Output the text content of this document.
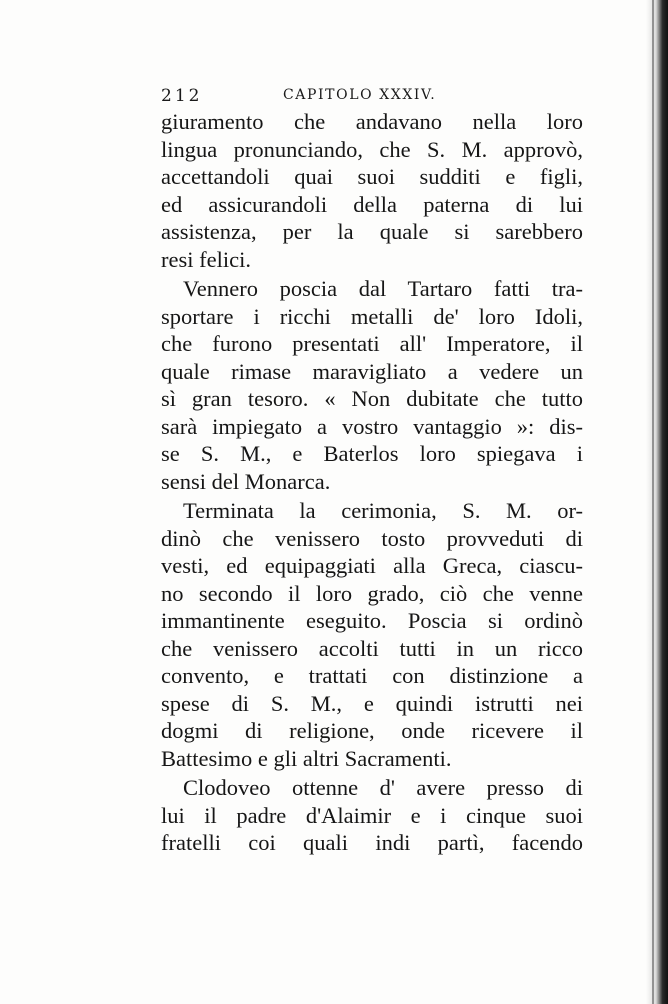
212	CAPITOLO XXXIV.
giuramento che andavano nella loro
lingua pronunciando, che S. M. approvò,
accettandoli quai suoi sudditi e figli,
ed assicurandoli della paterna di lui
assistenza, per la quale si sarebbero
resi felici.
Vennero poscia dal Tartaro fatti tra-
sportare i ricchi metalli de' loro Idoli,
che furono presentati all' Imperatore, il
quale rimase maravigliato a vedere un
sì gran tesoro. « Non dubitate che tutto
sarà impiegato a vostro vantaggio »: dis-
se S. M., e Baterlos loro spiegava i
sensi del Monarca.
Terminata la cerimonia, S. M. or-
dinò che venissero tosto provveduti di
vesti, ed equipaggiati alla Greca, ciascu-
no secondo il loro grado, ciò che venne
immantinente eseguito. Poscia si ordinò
che venissero accolti tutti in un ricco
convento, e trattati con distinzione a
spese di S. M., e quindi istrutti nei
dogmi di religione, onde ricevere il
Battesimo e gli altri Sacramenti.
Clodoveo ottenne d' avere presso di
lui il padre d'Alaimir e i cinque suoi
fratelli coi quali indi partì, facendo
